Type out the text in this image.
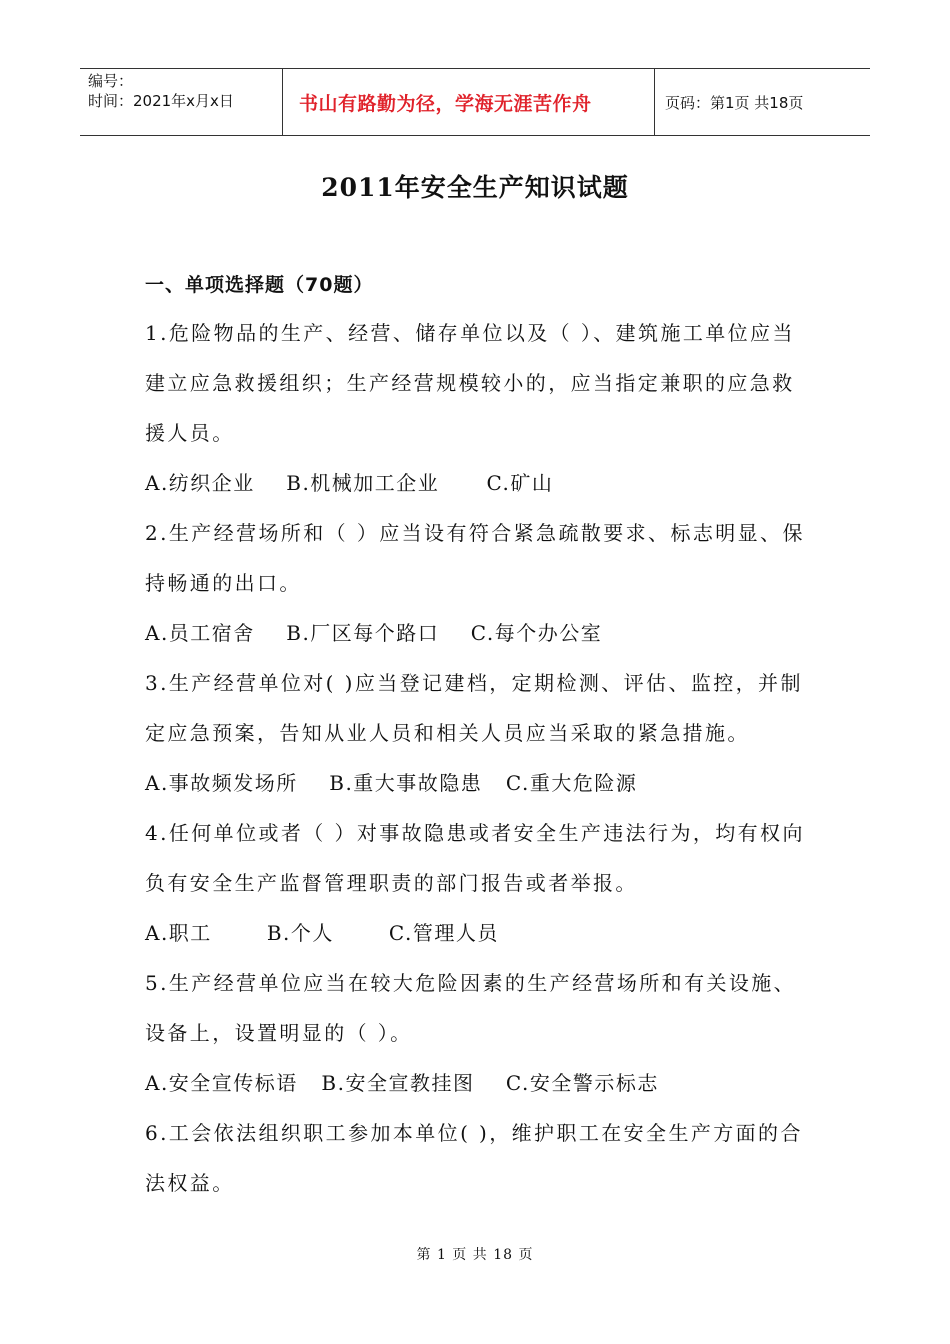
编号：
时间：2021年x月x日	书山有路勤为径，学海无涯苦作舟	页码：第1页 共18页
2011年安全生产知识试题
一、单项选择题（70题）
1.危险物品的生产、经营、储存单位以及（ ）、建筑施工单位应当建立应急救援组织；生产经营规模较小的，应当指定兼职的应急救援人员。
A.纺织企业 B.机械加工企业 C.矿山
2.生产经营场所和（ ）应当设有符合紧急疏散要求、标志明显、保持畅通的出口。
A.员工宿舍 B.厂区每个路口 C.每个办公室
3.生产经营单位对( )应当登记建档，定期检测、评估、监控，并制定应急预案，告知从业人员和相关人员应当采取的紧急措施。
A.事故频发场所 B.重大事故隐患 C.重大危险源
4.任何单位或者（ ）对事故隐患或者安全生产违法行为，均有权向负有安全生产监督管理职责的部门报告或者举报。
A.职工	B.个人	C.管理人员
5.生产经营单位应当在较大危险因素的生产经营场所和有关设施、设备上，设置明显的（ ）。
A.安全宣传标语 B.安全宣教挂图 C.安全警示标志
6.工会依法组织职工参加本单位( )，维护职工在安全生产方面的合法权益。
第 1 页 共 18 页
